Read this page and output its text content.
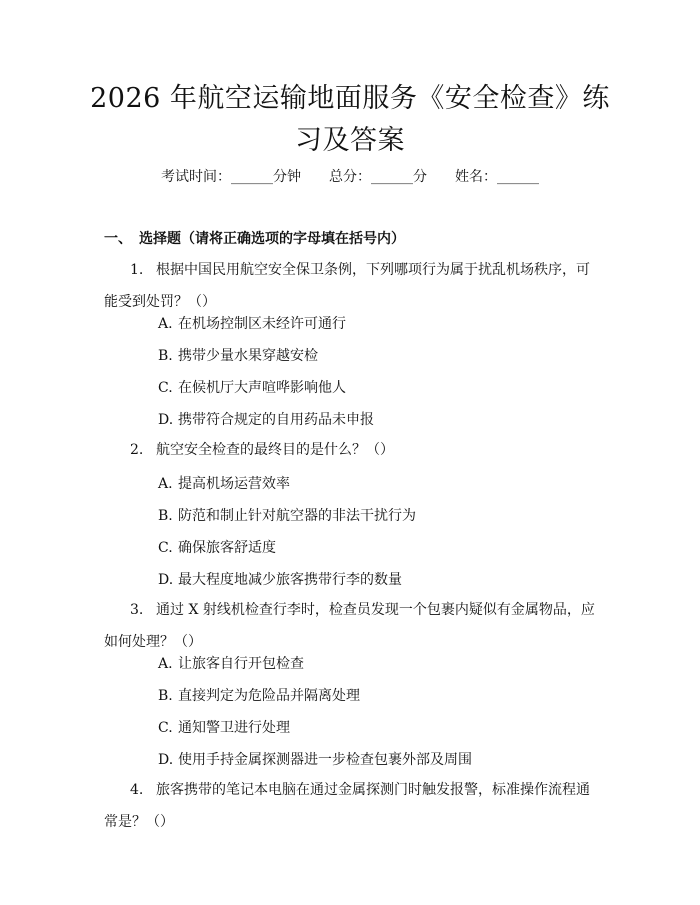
2026 年航空运输地面服务《安全检查》练习及答案
考试时间：______分钟　　总分：______分　　姓名：______
一、　选择题（请将正确选项的字母填在括号内）
1. 根据中国民用航空安全保卫条例，下列哪项行为属于扰乱机场秩序，可能受到处罚？（）
A. 在机场控制区未经许可通行
B. 携带少量水果穿越安检
C. 在候机厅大声喧哗影响他人
D. 携带符合规定的自用药品未申报
2. 航空安全检查的最终目的是什么？（）
A. 提高机场运营效率
B. 防范和制止针对航空器的非法干扰行为
C. 确保旅客舒适度
D. 最大程度地减少旅客携带行李的数量
3. 通过 X 射线机检查行李时，检查员发现一个包裹内疑似有金属物品，应如何处理？（）
A. 让旅客自行开包检查
B. 直接判定为危险品并隔离处理
C. 通知警卫进行处理
D. 使用手持金属探测器进一步检查包裹外部及周围
4. 旅客携带的笔记本电脑在通过金属探测门时触发报警，标准操作流程通常是？（）
